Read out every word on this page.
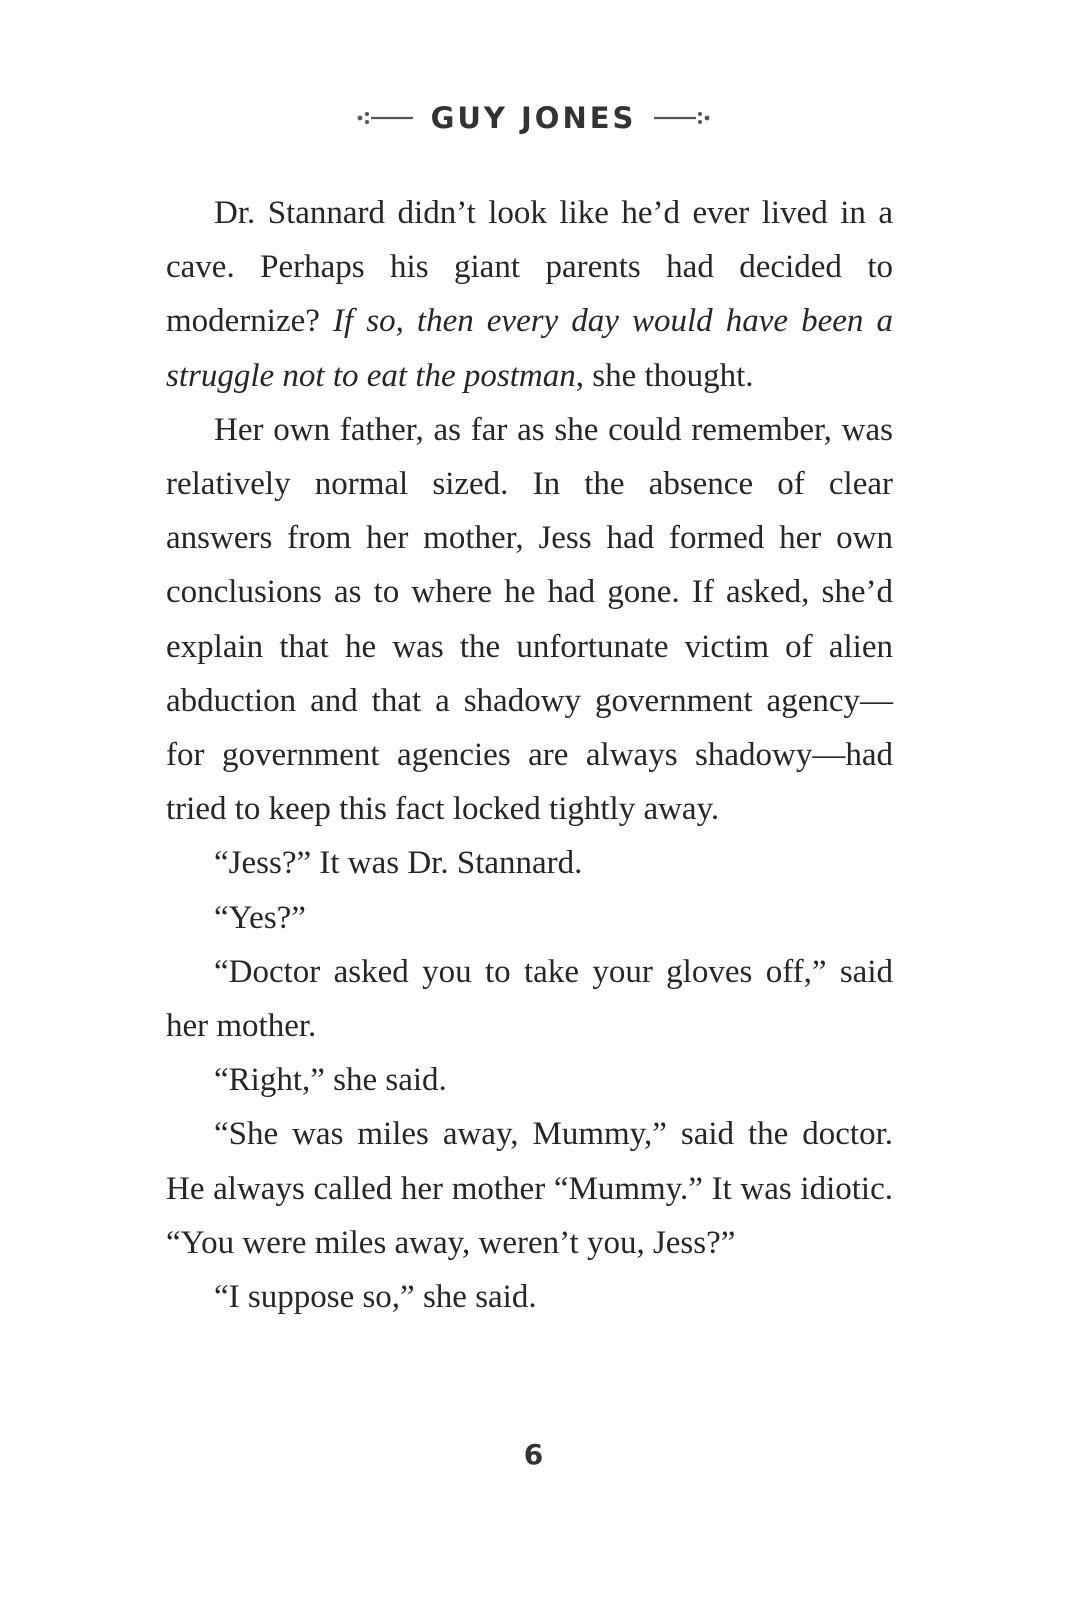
GUY JONES

Dr. Stannard didn’t look like he’d ever lived in a cave. Perhaps his giant parents had decided to modernize? If so, then every day would have been a struggle not to eat the postman, she thought.

Her own father, as far as she could remember, was relatively normal sized. In the absence of clear answers from her mother, Jess had formed her own conclusions as to where he had gone. If asked, she’d explain that he was the unfortunate victim of alien abduction and that a shadowy government agency—for government agencies are always shadowy—had tried to keep this fact locked tightly away.

“Jess?” It was Dr. Stannard.

“Yes?”

“Doctor asked you to take your gloves off,” said her mother.

“Right,” she said.

“She was miles away, Mummy,” said the doctor. He always called her mother “Mummy.” It was idiotic. “You were miles away, weren’t you, Jess?”

“I suppose so,” she said.

6
